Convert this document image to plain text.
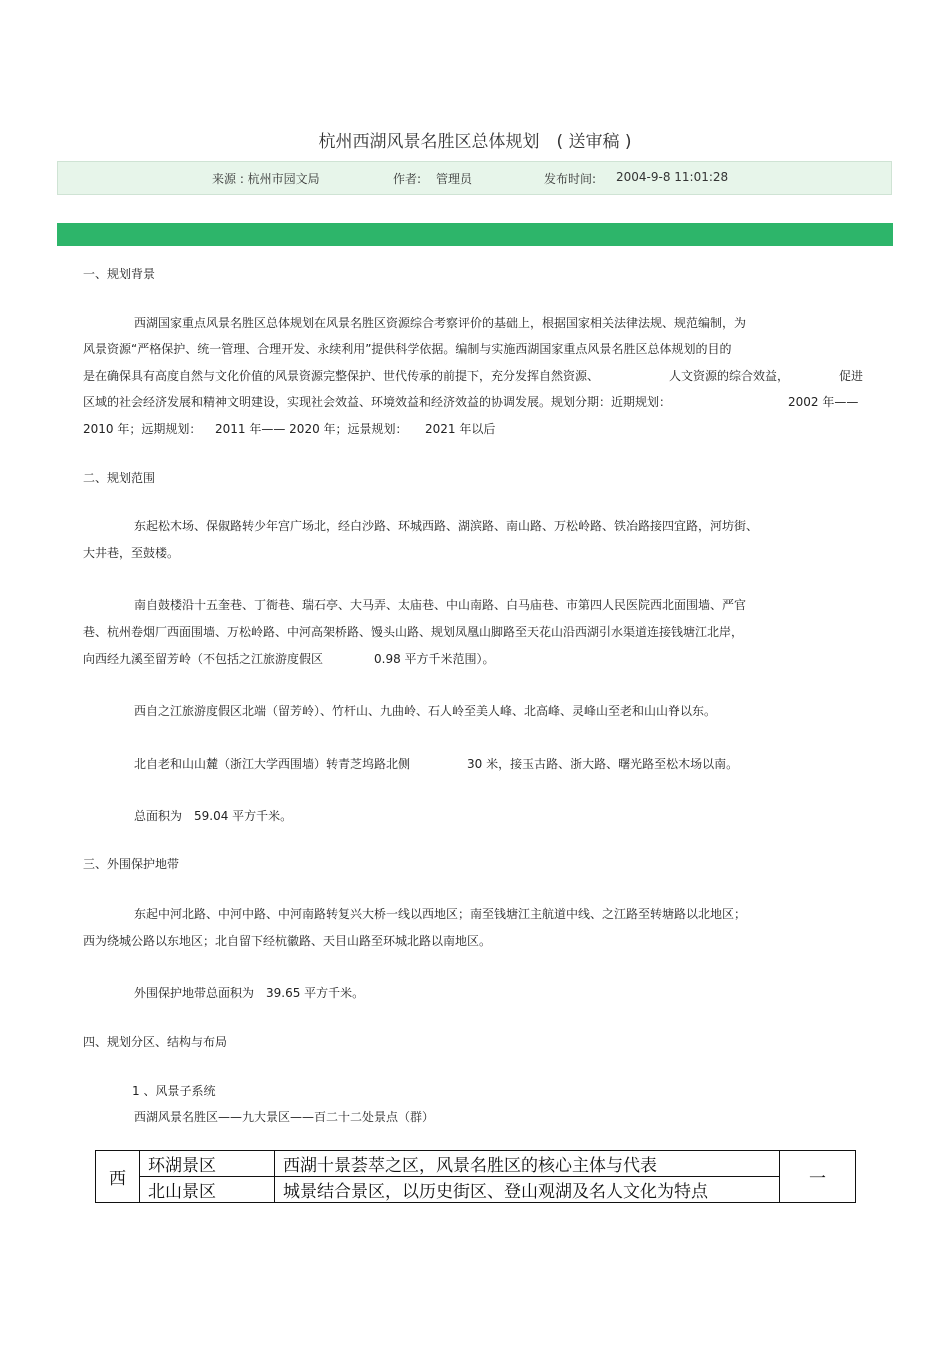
杭州西湖风景名胜区总体规划　( 送审稿 )
来源 : 杭州市园文局	作者: 管理员	发布时间: 2004-9-8 11:01:28
一、规划背景
西湖国家重点风景名胜区总体规划在风景名胜区资源综合考察评价的基础上，根据国家相关法律法规、规范编制，为
风景资源“严格保护、统一管理、合理开发、永续利用”提供科学依据。编制与实施西湖国家重点风景名胜区总体规划的目的
是在确保具有高度自然与文化价值的风景资源完整保护、世代传承的前提下，充分发挥自然资源、	人文资源的综合效益，	促进
区域的社会经济发展和精神文明建设，实现社会效益、环境效益和经济效益的协调发展。规划分期：近期规划：	2002 年——
2010 年；远期规划： 2011 年—— 2020 年；远景规划： 2021 年以后
二、规划范围
东起松木场、保俶路转少年宫广场北，经白沙路、环城西路、湖滨路、南山路、万松岭路、铁冶路接四宜路，河坊街、
大井巷，至鼓楼。
南自鼓楼沿十五奎巷、丁衙巷、瑞石亭、大马弄、太庙巷、中山南路、白马庙巷、市第四人民医院西北面围墙、严官
巷、杭州卷烟厂西面围墙、万松岭路、中河高架桥路、馒头山路、规划凤凰山脚路至天花山沿西湖引水渠道连接钱塘江北岸，
向西经九溪至留芳岭（不包括之江旅游度假区	0.98 平方千米范围）。
西自之江旅游度假区北端（留芳岭）、竹杆山、九曲岭、石人岭至美人峰、北高峰、灵峰山至老和山山脊以东。
北自老和山山麓（浙江大学西围墙）转青芝坞路北侧	30 米，接玉古路、浙大路、曙光路至松木场以南。
总面积为　59.04 平方千米。
三、外围保护地带
东起中河北路、中河中路、中河南路转复兴大桥一线以西地区；南至钱塘江主航道中线、之江路至转塘路以北地区；
西为绕城公路以东地区；北自留下经杭徽路、天目山路至环城北路以南地区。
外围保护地带总面积为　39.65 平方千米。
四、规划分区、结构与布局
1 、风景子系统
西湖风景名胜区——九大景区——百二十二处景点（群）
西	环湖景区	西湖十景荟萃之区，风景名胜区的核心主体与代表	一
	北山景区	城景结合景区，以历史街区、登山观湖及名人文化为特点	
